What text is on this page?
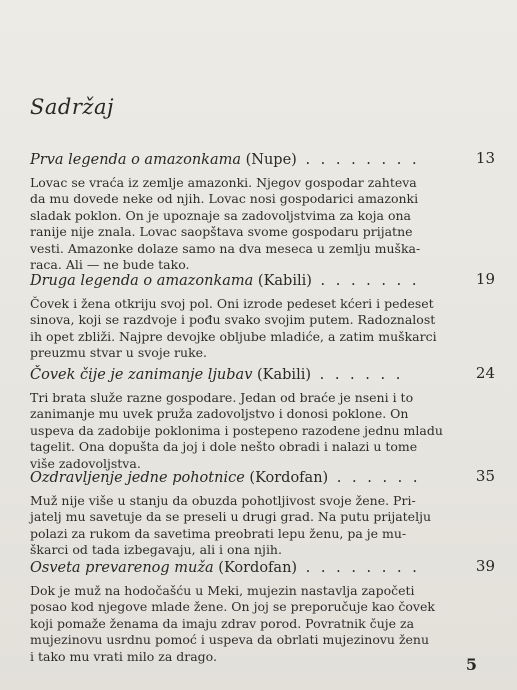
Sadržaj
Prva legenda o amazonkama (Nupe) . . . . . . . .	13
Lovac se vraća iz zemlje amazonki. Njegov gospodar zahteva
da mu dovede neke od njih. Lovac nosi gospodarici amazonki
sladak poklon. On je upoznaje sa zadovoljstvima za koja ona
ranije nije znala. Lovac saopštava svome gospodaru prijatne
vesti. Amazonke dolaze samo na dva meseca u zemlju muška-
raca. Ali — ne bude tako.
Druga legenda o amazonkama (Kabili) . . . . . . .	19
Čovek i žena otkriju svoj pol. Oni izrode pedeset kćeri i pedeset
sinova, koji se razdvoje i pođu svako svojim putem. Radoznalost
ih opet zbliži. Najpre devojke obljube mladiće, a zatim muškarci
preuzmu stvar u svoje ruke.
Čovek čije je zanimanje ljubav (Kabili) . . . . . .	24
Tri brata služe razne gospodare. Jedan od braće je nseni i to
zanimanje mu uvek pruža zadovoljstvo i donosi poklone. On
uspeva da zadobije poklonima i postepeno razodene jednu mladu
tagelit. Ona dopušta da joj i dole nešto obradi i nalazi u tome
više zadovoljstva.
Ozdravljenje jedne pohotnice (Kordofan) . . . . . .	35
Muž nije više u stanju da obuzda pohotljivost svoje žene. Pri-
jatelj mu savetuje da se preseli u drugi grad. Na putu prijatelju
polazi za rukom da savetima preobrati lepu ženu, pa je mu-
škarci od tada izbegavaju, ali i ona njih.
Osveta prevarenog muža (Kordofan) . . . . . . . .	39
Dok je muž na hodočašću u Meki, mujezin nastavlja započeti
posao kod njegove mlade žene. On joj se preporučuje kao čovek
koji pomaže ženama da imaju zdrav porod. Povratnik čuje za
mujezinovu usrdnu pomoć i uspeva da obrlati mujezinovu ženu
i tako mu vrati milo za drago.	5
